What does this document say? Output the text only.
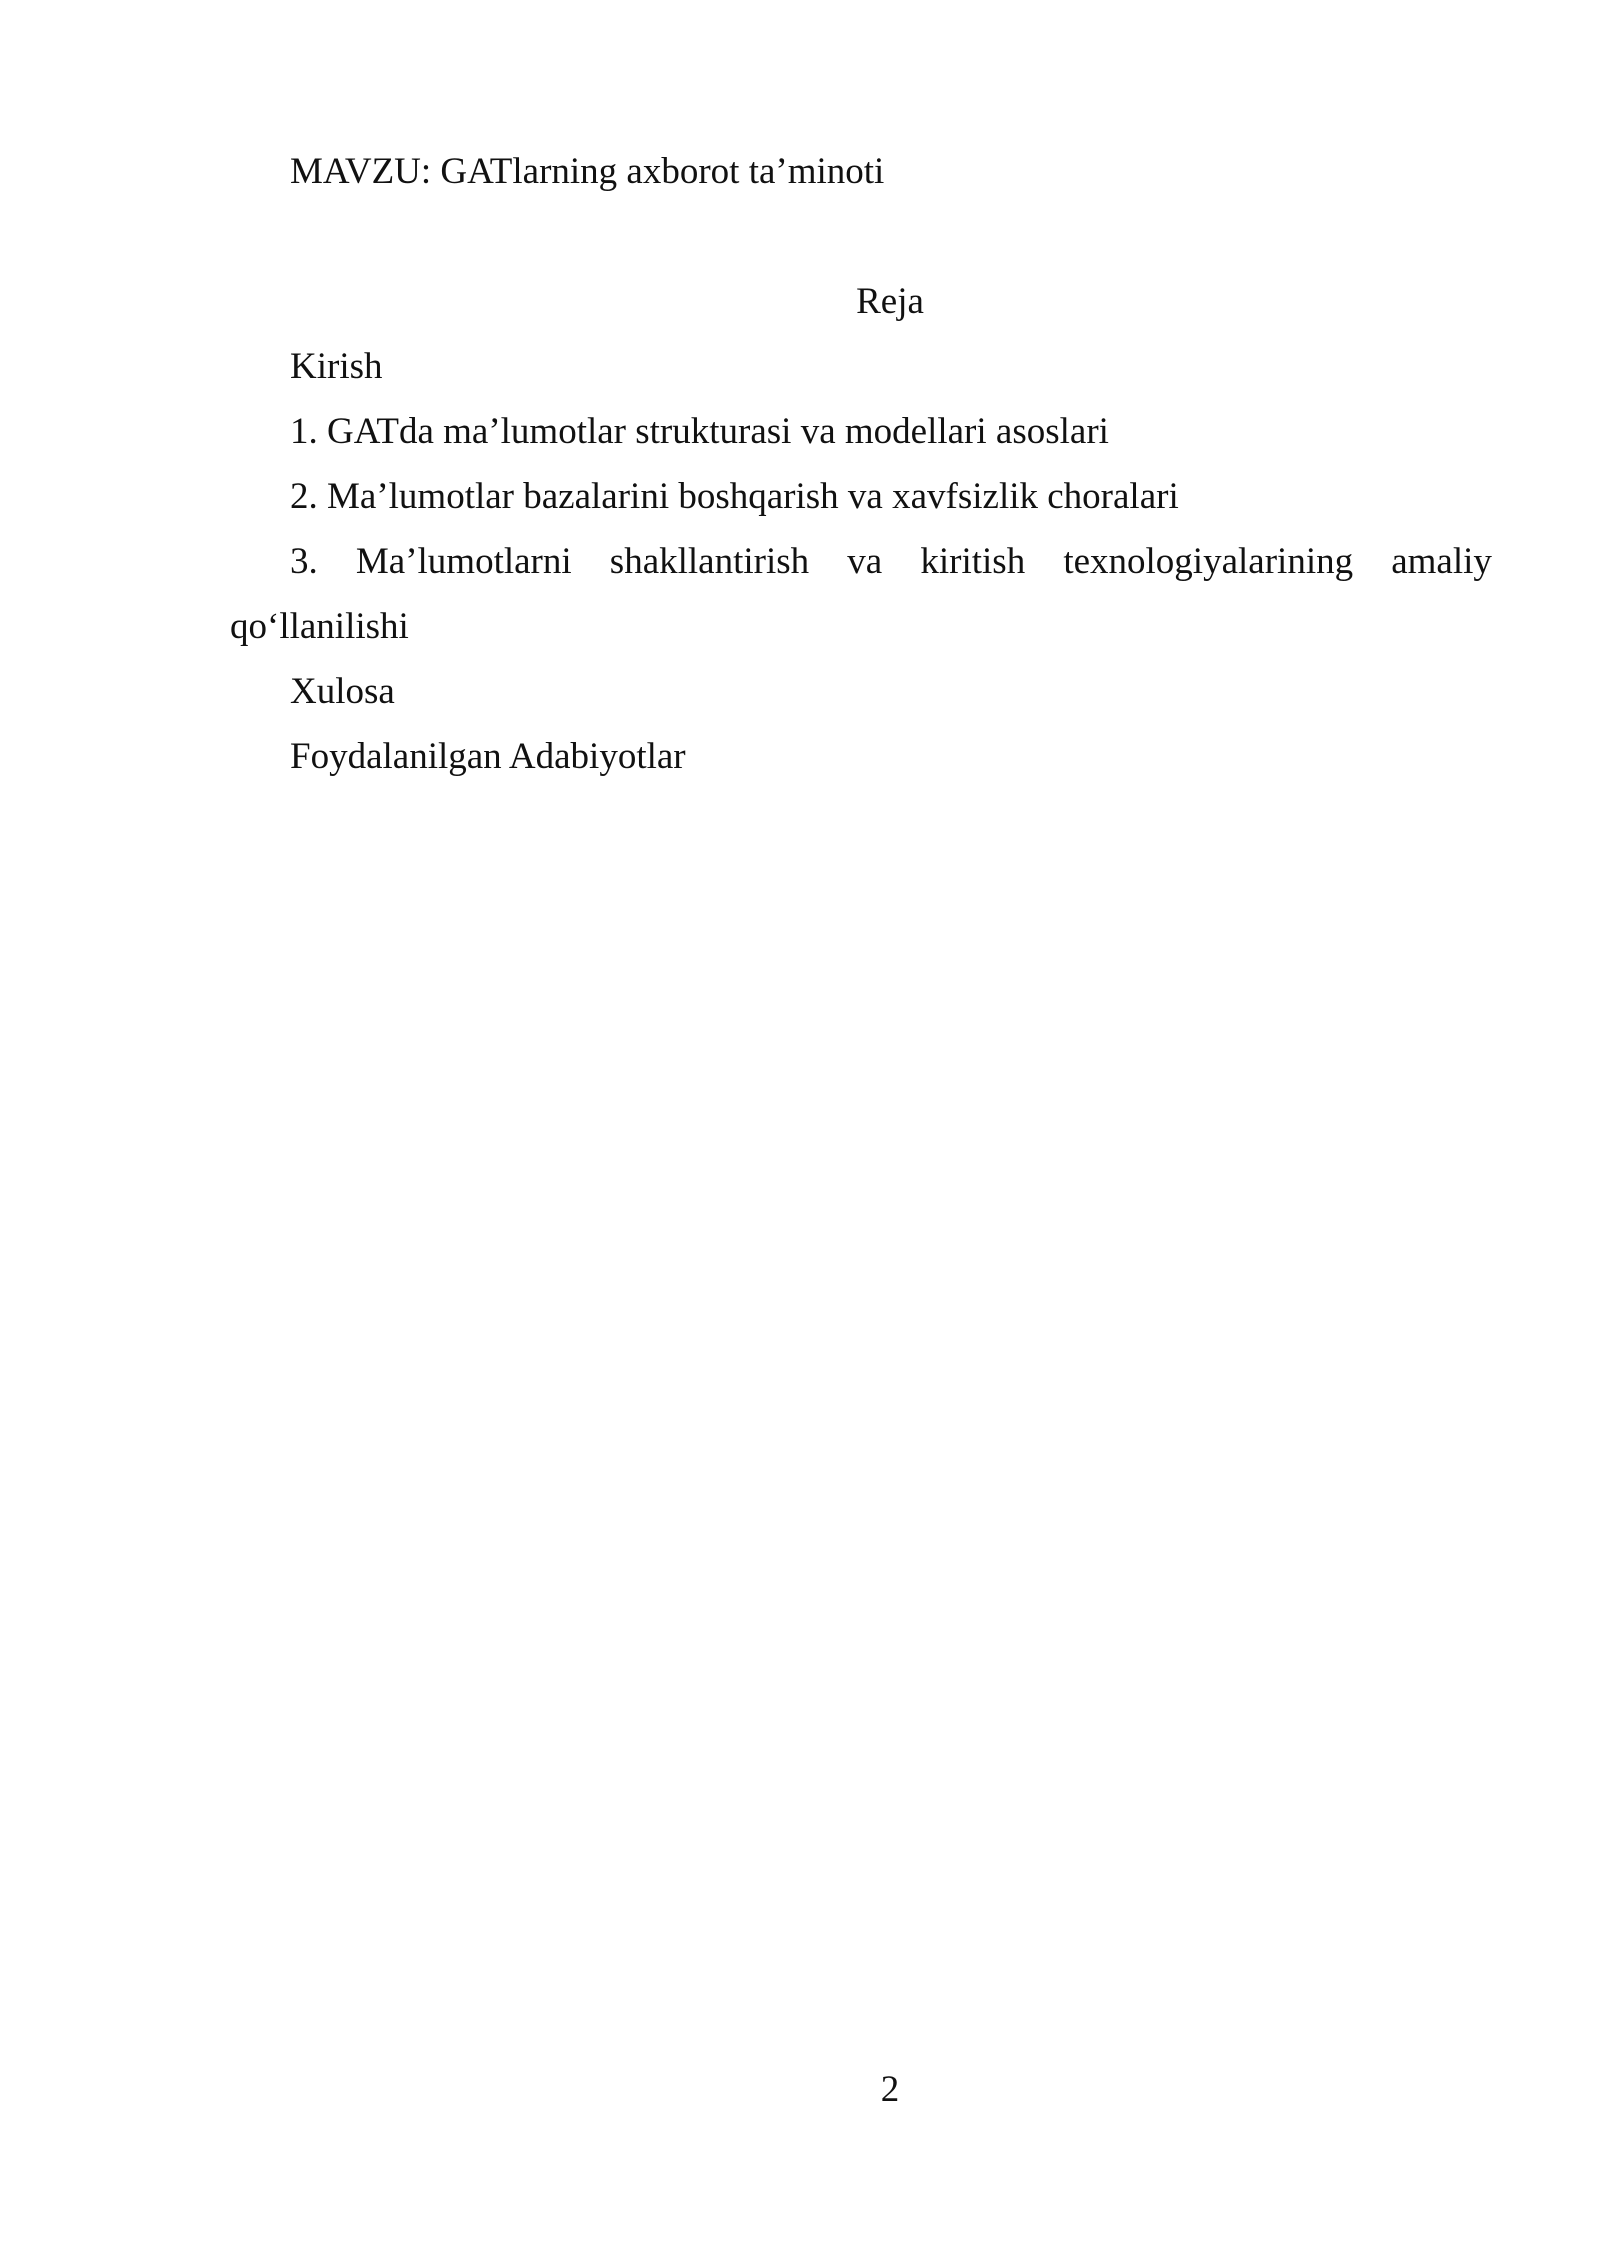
MAVZU: GATlarning axborot ta’minoti
Reja
Kirish
1. GATda ma’lumotlar strukturasi va modellari asoslari
2. Ma’lumotlar bazalarini boshqarish va xavfsizlik choralari
3. Ma’lumotlarni shakllantirish va kiritish texnologiyalarining amaliy
qo‘llanilishi
Xulosa
Foydalanilgan Adabiyotlar
2
